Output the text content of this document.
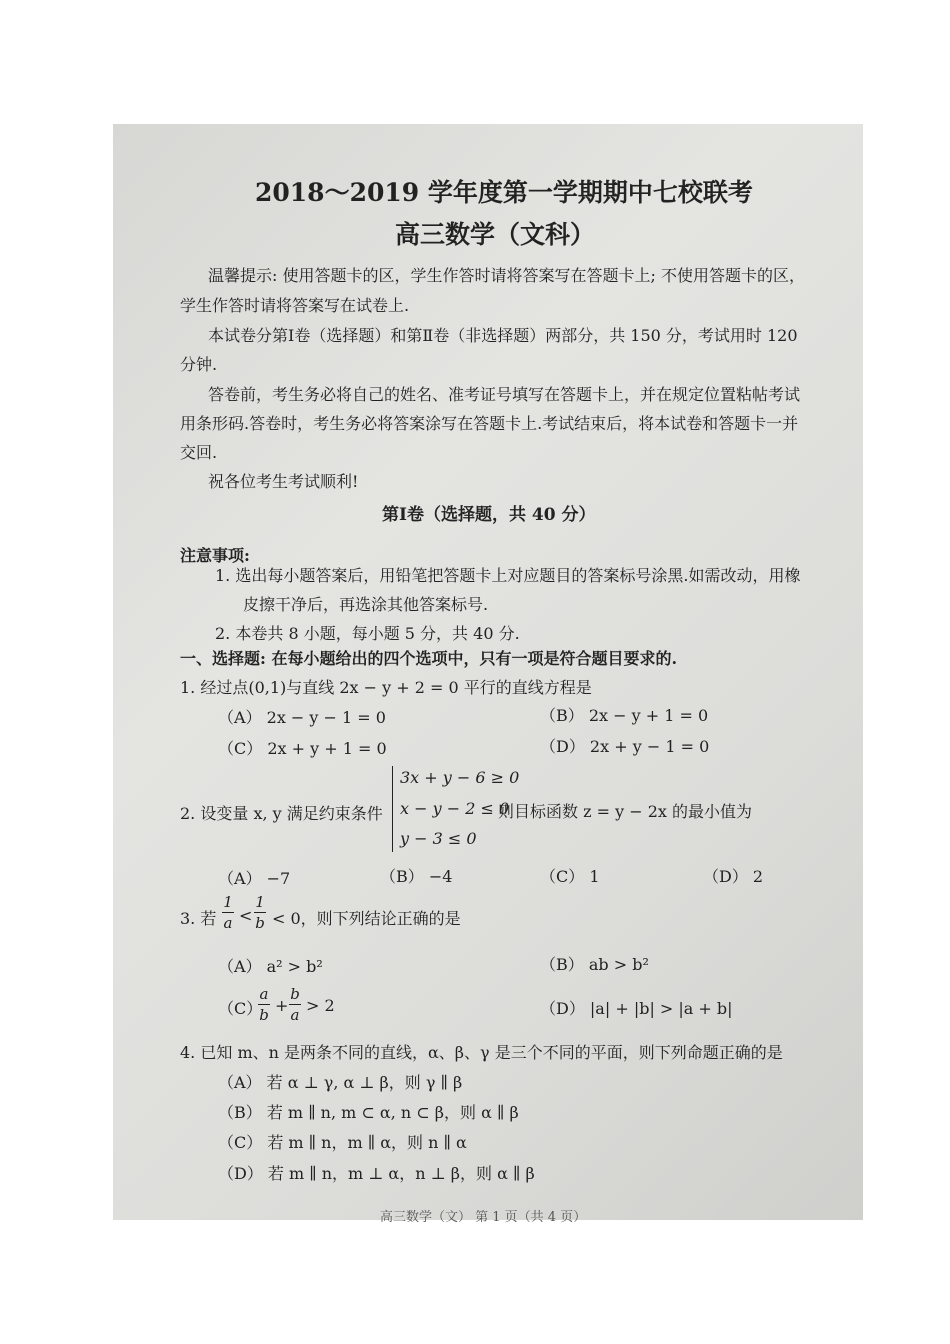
2018～2019 学年度第一学期期中七校联考
高三数学（文科）
温馨提示: 使用答题卡的区，学生作答时请将答案写在答题卡上; 不使用答题卡的区，
学生作答时请将答案写在试卷上.
本试卷分第Ⅰ卷（选择题）和第Ⅱ卷（非选择题）两部分，共 150 分，考试用时 120
分钟.
答卷前，考生务必将自己的姓名、准考证号填写在答题卡上，并在规定位置粘帖考试
用条形码.答卷时，考生务必将答案涂写在答题卡上.考试结束后，将本试卷和答题卡一并
交回.
祝各位考生考试顺利!
第Ⅰ卷（选择题，共 40 分）
注意事项:
1. 选出每小题答案后，用铅笔把答题卡上对应题目的答案标号涂黑.如需改动，用橡
皮擦干净后，再选涂其他答案标号.
2. 本卷共 8 小题，每小题 5 分，共 40 分.
一、选择题: 在每小题给出的四个选项中，只有一项是符合题目要求的.
1. 经过点(0,1)与直线 2x − y + 2 = 0 平行的直线方程是
（A） 2x − y − 1 = 0	（B） 2x − y + 1 = 0
（C） 2x + y + 1 = 0	（D） 2x + y − 1 = 0
2. 设变量 x, y 满足约束条件
3x + y − 6 ≥ 0
x − y − 2 ≤ 0
y − 3 ≤ 0
则目标函数 z = y − 2x 的最小值为
（A） −7	（B） −4	（C） 1	（D） 2
3. 若
1
a <
1
b < 0，则下列结论正确的是
（A） a² > b²	（B） ab > b²
（C）
a
b +
b
a > 2	（D） |a| + |b| > |a + b|
4. 已知 m、n 是两条不同的直线，α、β、γ 是三个不同的平面，则下列命题正确的是
（A） 若 α ⊥ γ, α ⊥ β，则 γ ∥ β
（B） 若 m ∥ n, m ⊂ α, n ⊂ β，则 α ∥ β
（C） 若 m ∥ n，m ∥ α，则 n ∥ α
（D） 若 m ∥ n，m ⊥ α，n ⊥ β，则 α ∥ β
高三数学（文） 第 1 页（共 4 页）
